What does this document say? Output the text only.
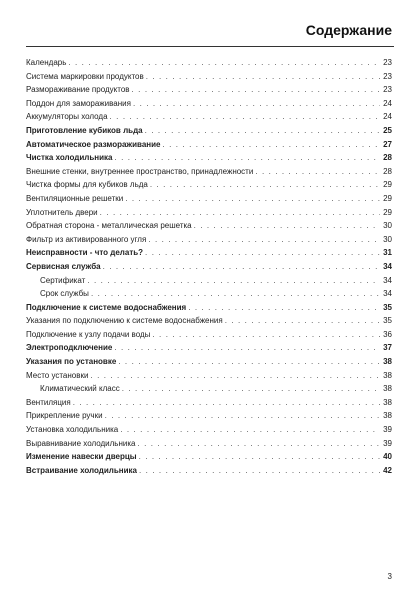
Содержание
Календарь . . .	23
Система маркировки продуктов . . .	23
Размораживание продуктов . . .	23
Поддон для замораживания . . .	24
Аккумуляторы холода . . .	24
Приготовление кубиков льда . . .	25
Автоматическое размораживание . . .	27
Чистка холодильника . . .	28
Внешние стенки, внутреннее пространство, принадлежности . . .	28
Чистка формы для кубиков льда . . .	29
Вентиляционные решетки . . .	29
Уплотнитель двери . . .	29
Обратная сторона - металлическая решетка . . .	30
Фильтр из активированного угля . . .	30
Неисправности - что делать? . . .	31
Сервисная служба . . .	34
Сертификат . . .	34
Срок службы . . .	34
Подключение к системе водоснабжения . . .	35
Указания по подключению к системе водоснабжения . . .	35
Подключение к узлу подачи воды . . .	36
Электроподключение . . .	37
Указания по установке . . .	38
Место установки . . .	38
Климатический класс . . .	38
Вентиляция . . .	38
Прикрепление ручки . . .	38
Установка холодильника . . .	39
Выравнивание холодильника . . .	39
Изменение навески дверцы . . .	40
Встраивание холодильника . . .	42
3
